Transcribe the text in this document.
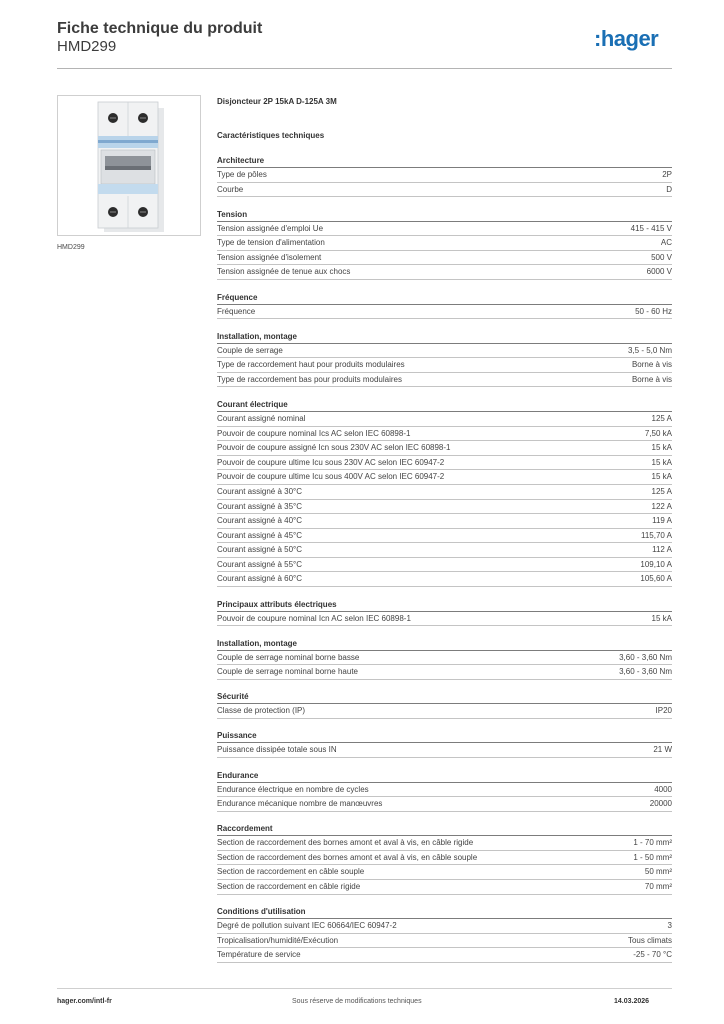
Fiche technique du produit
HMD299	:hager
HMD299
Disjoncteur 2P 15kA D-125A 3M
Caractéristiques techniques
Architecture
Type de pôles	2P
Courbe	D
Tension
Tension assignée d'emploi Ue	415 - 415 V
Type de tension d'alimentation	AC
Tension assignée d'isolement	500 V
Tension assignée de tenue aux chocs	6000 V
Fréquence
Fréquence	50 - 60 Hz
Installation, montage
Couple de serrage	3,5 - 5,0 Nm
Type de raccordement haut pour produits modulaires	Borne à vis
Type de raccordement bas pour produits modulaires	Borne à vis
Courant électrique
Courant assigné nominal	125 A
Pouvoir de coupure nominal Ics AC selon IEC 60898-1	7,50 kA
Pouvoir de coupure assigné Icn sous 230V AC selon IEC 60898-1	15 kA
Pouvoir de coupure ultime Icu sous 230V AC selon IEC 60947-2	15 kA
Pouvoir de coupure ultime Icu sous 400V AC selon IEC 60947-2	15 kA
Courant assigné à 30°C	125 A
Courant assigné à 35°C	122 A
Courant assigné à 40°C	119 A
Courant assigné à 45°C	115,70 A
Courant assigné à 50°C	112 A
Courant assigné à 55°C	109,10 A
Courant assigné à 60°C	105,60 A
Principaux attributs électriques
Pouvoir de coupure nominal Icn AC selon IEC 60898-1	15 kA
Installation, montage
Couple de serrage nominal borne basse	3,60 - 3,60 Nm
Couple de serrage nominal borne haute	3,60 - 3,60 Nm
Sécurité
Classe de protection (IP)	IP20
Puissance
Puissance dissipée totale sous IN	21 W
Endurance
Endurance électrique en nombre de cycles	4000
Endurance mécanique nombre de manœuvres	20000
Raccordement
Section de raccordement des bornes amont et aval à vis, en câble rigide	1 - 70 mm²
Section de raccordement des bornes amont et aval à vis, en câble souple	1 - 50 mm²
Section de raccordement en câble souple	50 mm²
Section de raccordement en câble rigide	70 mm²
Conditions d'utilisation
Degré de pollution suivant IEC 60664/IEC 60947-2	3
Tropicalisation/humidité/Exécution	Tous climats
Température de service	-25 - 70 °C
hager.com/intl-fr	Sous réserve de modifications techniques	14.03.2026
